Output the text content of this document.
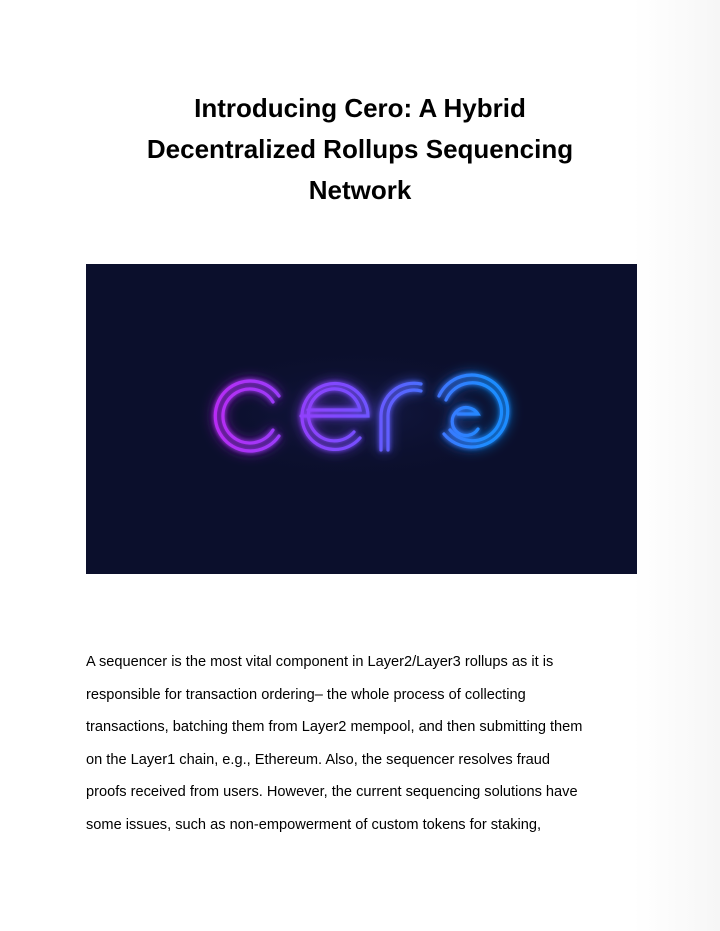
Introducing Cero: A Hybrid
Decentralized Rollups Sequencing
Network

A sequencer is the most vital component in Layer2/Layer3 rollups as it is
responsible for transaction ordering– the whole process of collecting
transactions, batching them from Layer2 mempool, and then submitting them
on the Layer1 chain, e.g., Ethereum. Also, the sequencer resolves fraud
proofs received from users. However, the current sequencing solutions have
some issues, such as non-empowerment of custom tokens for staking,
